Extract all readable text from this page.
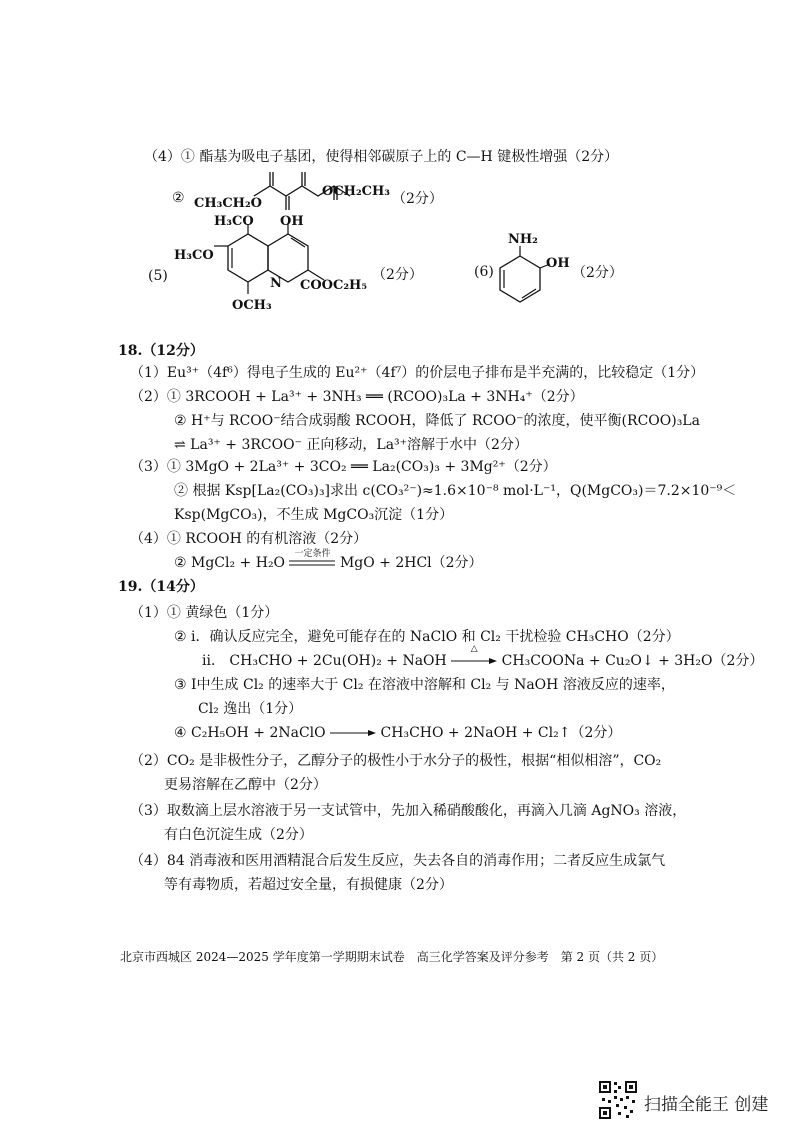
（4）① 酯基为吸电子基团，使得相邻碳原子上的 C—H 键极性增强（2分）
② CH₃CH₂O
OCH₂CH₃ （2分）
(5)
H₃CO OH
H₃CO
N COOC₂H₅
OCH₃
（2分）	(6)
NH₂
OH
（2分）
18.（12分）
（1）Eu³⁺（4f⁶）得电子生成的 Eu²⁺（4f⁷）的价层电子排布是半充满的，比较稳定（1分）
（2）① 3RCOOH + La³⁺ + 3NH₃ ══ (RCOO)₃La + 3NH₄⁺（2分）
② H⁺与 RCOO⁻结合成弱酸 RCOOH，降低了 RCOO⁻的浓度，使平衡(RCOO)₃La
⇌ La³⁺ + 3RCOO⁻ 正向移动，La³⁺溶解于水中（2分）
（3）① 3MgO + 2La³⁺ + 3CO₂ ══ La₂(CO₃)₃ + 3Mg²⁺（2分）
② 根据 Ksp[La₂(CO₃)₃]求出 c(CO₃²⁻)≈1.6×10⁻⁸ mol·L⁻¹，Q(MgCO₃)＝7.2×10⁻⁹＜
Ksp(MgCO₃)，不生成 MgCO₃沉淀（1分）
（4）① RCOOH 的有机溶液（2分）
② MgCl₂ + H₂O
一定条件
MgO + 2HCl（2分）
19.（14分）
（1）① 黄绿色（1分）
② i．确认反应完全，避免可能存在的 NaClO 和 Cl₂ 干扰检验 CH₃CHO（2分）
ii． CH₃CHO + 2Cu(OH)₂ + NaOH
△
CH₃COONa + Cu₂O↓ + 3H₂O（2分）
③ Ⅰ中生成 Cl₂ 的速率大于 Cl₂ 在溶液中溶解和 Cl₂ 与 NaOH 溶液反应的速率，
Cl₂ 逸出（1分）
④ C₂H₅OH + 2NaClO → CH₃CHO + 2NaOH + Cl₂↑（2分）
（2）CO₂ 是非极性分子，乙醇分子的极性小于水分子的极性，根据“相似相溶”，CO₂
更易溶解在乙醇中（2分）
（3）取数滴上层水溶液于另一支试管中，先加入稀硝酸酸化，再滴入几滴 AgNO₃ 溶液，
有白色沉淀生成（2分）
（4）84 消毒液和医用酒精混合后发生反应，失去各自的消毒作用；二者反应生成氯气
等有毒物质，若超过安全量，有损健康（2分）
北京市西城区 2024—2025 学年度第一学期期末试卷　高三化学答案及评分参考　第 2 页（共 2 页）
扫描全能王 创建
